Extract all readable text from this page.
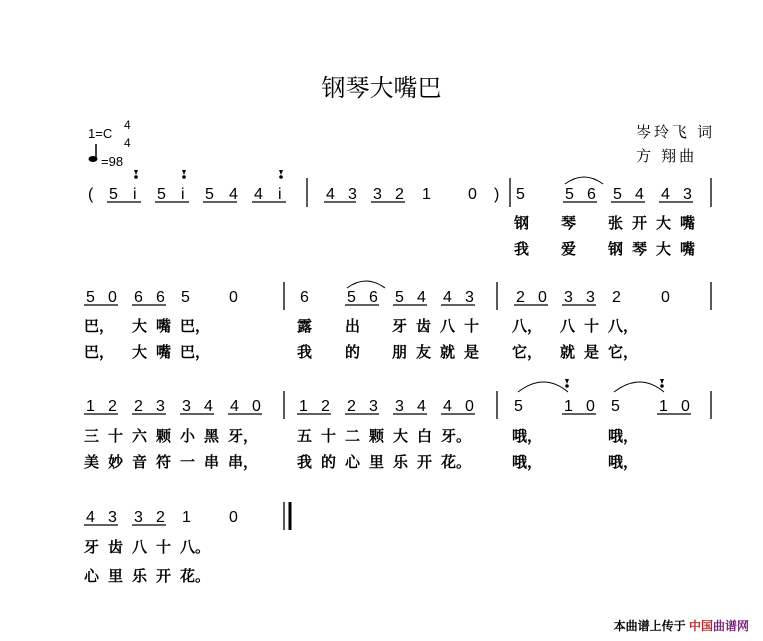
钢琴大嘴巴
1=C
4
4
=98
岑玲飞 词
方 翔曲
( 5 i 5 i 5 4 4 i	4 3 3 2 1 0 ) 5	5 6 5 4 4 3
钢 琴 张 开 大 嘴
我 爱 钢 琴 大 嘴
5 0 6 6 5 0	6 5 6 5 4 4 3	2 0 3 3 2	0
巴， 大 嘴 巴，	露 出 牙 齿 八 十 八， 八 十 八，
巴， 大 嘴 巴，	我 的 朋 友 就 是 它， 就 是 它，
1 2 2 3 3 4 4 0 1 2 2 3 3 4 4 0	5	1 0 5 1 0
三 十 六 颗 小 黑 牙，	五 十 二 颗 大 白 牙。	哦，	哦，
美 妙 音 符 一 串 串，	我 的 心 里 乐 开 花。	哦，	哦，
4 3 3 2 1 0
牙 齿 八 十 八。
心 里 乐 开 花。
本曲谱上传于 中国曲谱网
